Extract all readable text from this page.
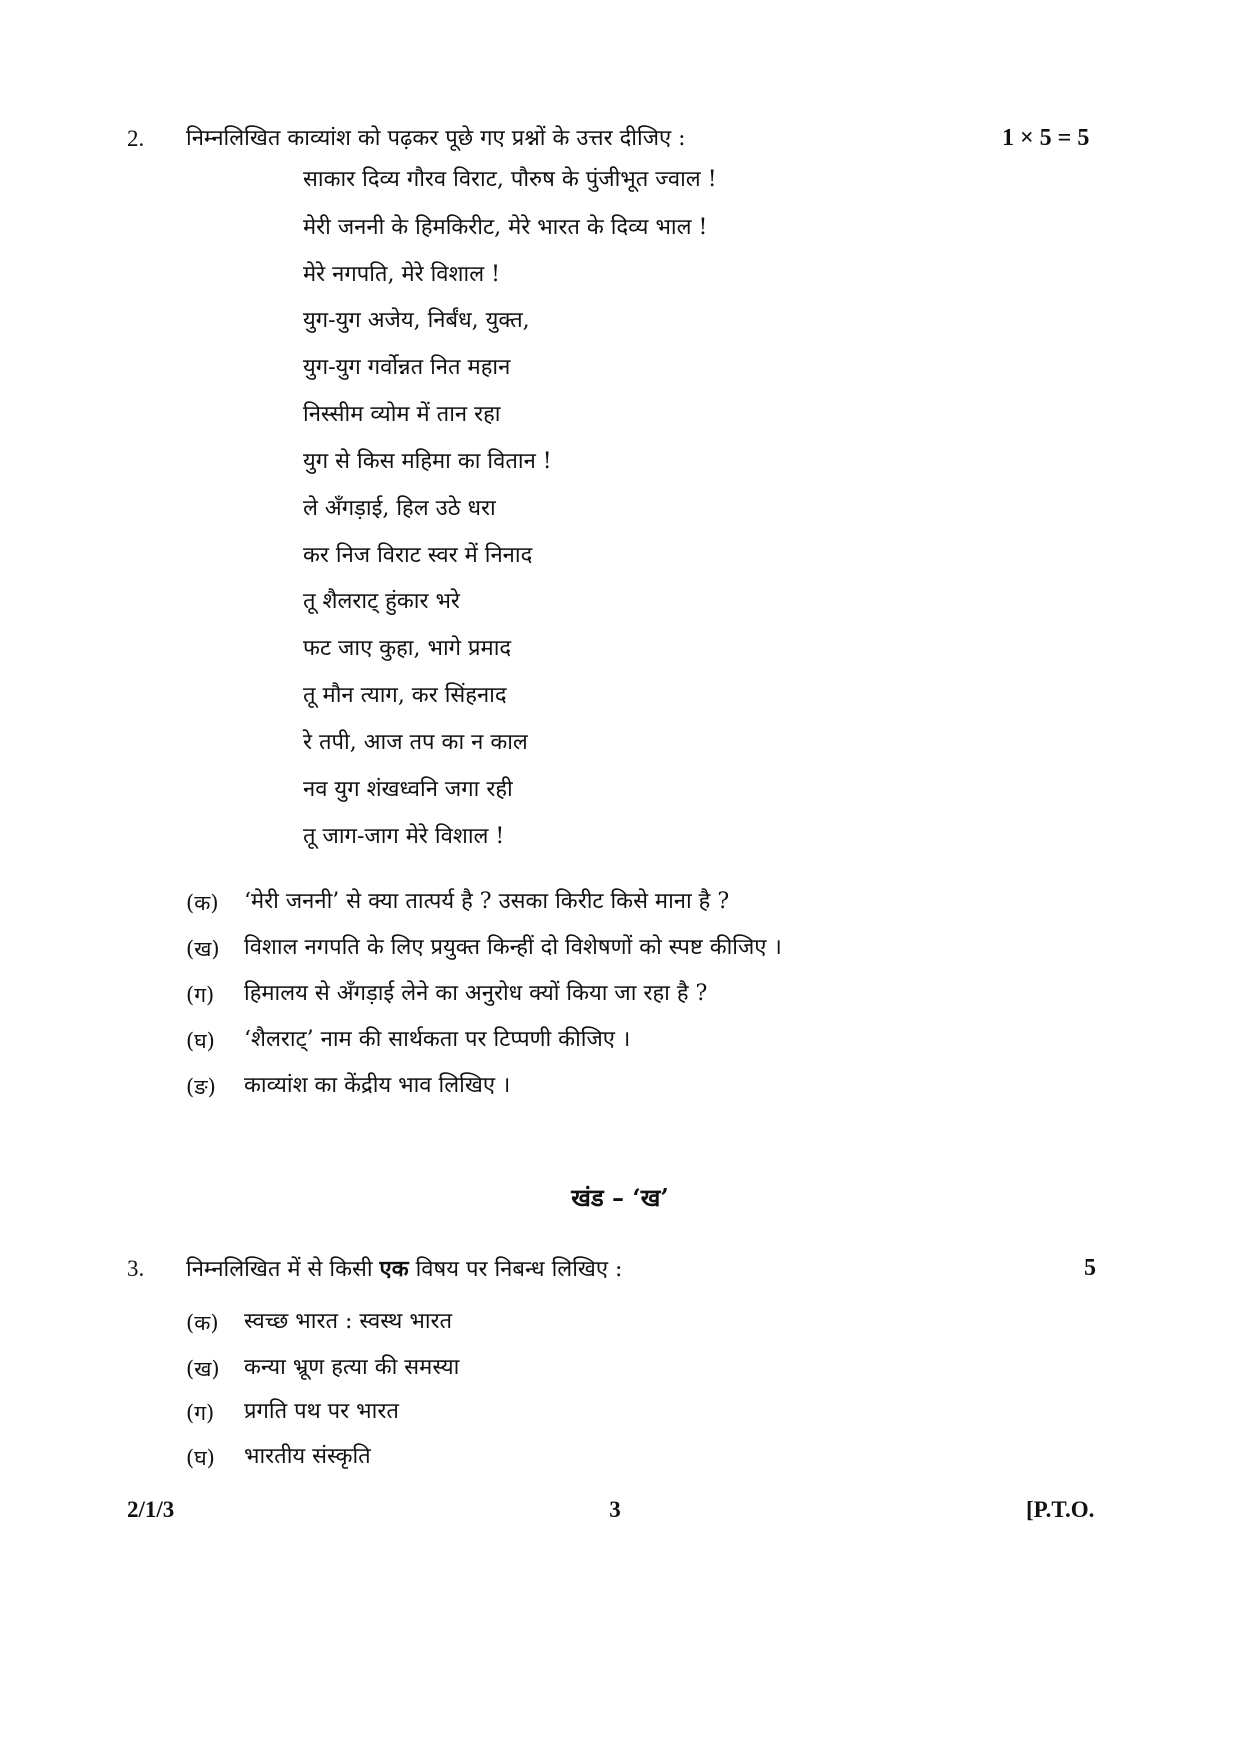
2. निम्नलिखित काव्यांश को पढ़कर पूछे गए प्रश्नों के उत्तर दीजिए :	1 × 5 = 5
साकार दिव्य गौरव विराट, पौरुष के पुंजीभूत ज्वाल !
मेरी जननी के हिमकिरीट, मेरे भारत के दिव्य भाल !
मेरे नगपति, मेरे विशाल !
युग-युग अजेय, निर्बंध, युक्त,
युग-युग गर्वोन्नत नित महान
निस्सीम व्योम में तान रहा
युग से किस महिमा का वितान !
ले अँगड़ाई, हिल उठे धरा
कर निज विराट स्वर में निनाद
तू शैलराट् हुंकार भरे
फट जाए कुहा, भागे प्रमाद
तू मौन त्याग, कर सिंहनाद
रे तपी, आज तप का न काल
नव युग शंखध्वनि जगा रही
तू जाग-जाग मेरे विशाल !
(क) ‘मेरी जननी’ से क्या तात्पर्य है ? उसका किरीट किसे माना है ?
(ख) विशाल नगपति के लिए प्रयुक्त किन्हीं दो विशेषणों को स्पष्ट कीजिए ।
(ग) हिमालय से अँगड़ाई लेने का अनुरोध क्यों किया जा रहा है ?
(घ) ‘शैलराट्’ नाम की सार्थकता पर टिप्पणी कीजिए ।
(ङ) काव्यांश का केंद्रीय भाव लिखिए ।
खंड – ‘ख’
3. निम्नलिखित में से किसी एक विषय पर निबन्ध लिखिए :	5
(क) स्वच्छ भारत : स्वस्थ भारत
(ख) कन्या भ्रूण हत्या की समस्या
(ग) प्रगति पथ पर भारत
(घ) भारतीय संस्कृति
2/1/3	3	[P.T.O.
